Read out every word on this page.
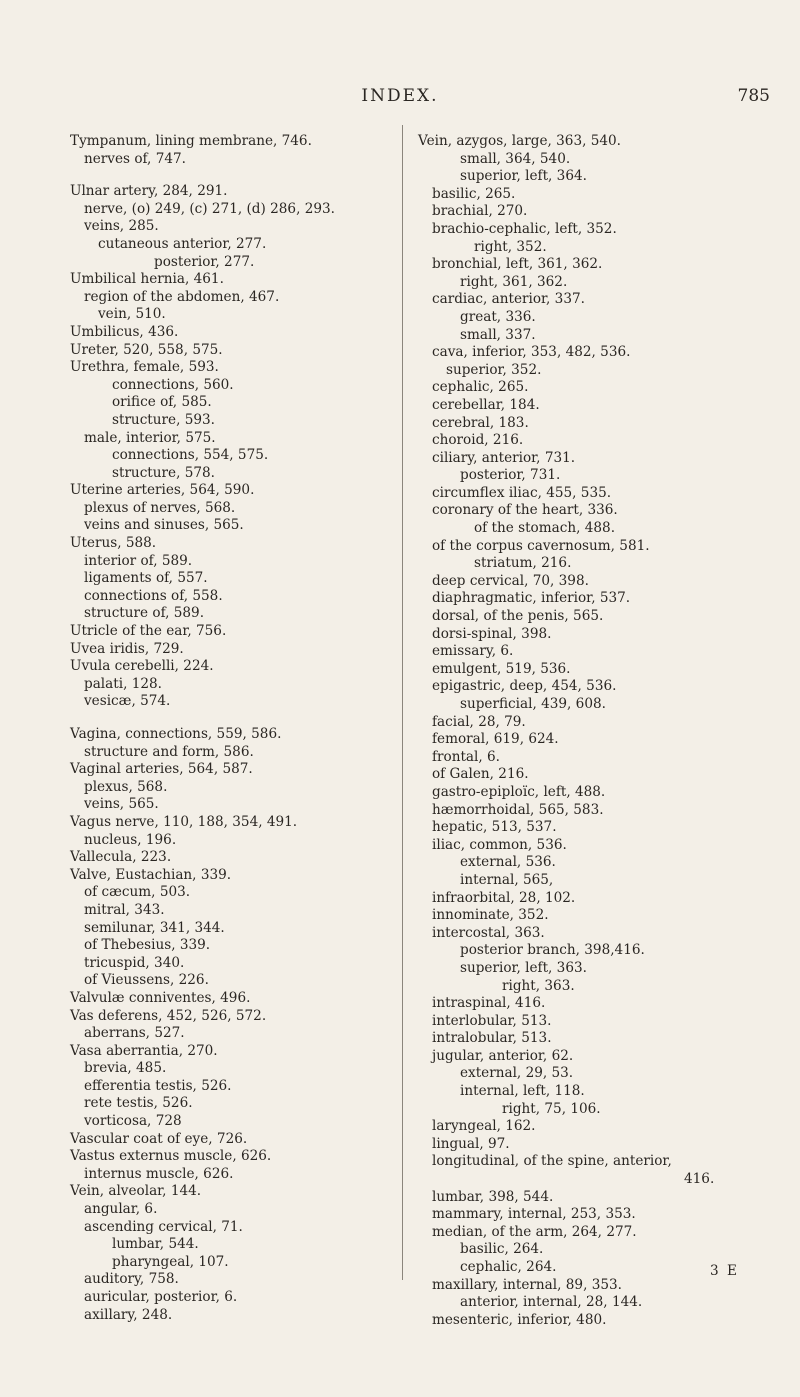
INDEX.	785
Tympanum, lining membrane, 746.
nerves of, 747.
Ulnar artery, 284, 291.
nerve, (o) 249, (c) 271, (d) 286, 293.
veins, 285.
cutaneous anterior, 277.
posterior, 277.
Umbilical hernia, 461.
region of the abdomen, 467.
vein, 510.
Umbilicus, 436.
Ureter, 520, 558, 575.
Urethra, female, 593.
connections, 560.
orifice of, 585.
structure, 593.
male, interior, 575.
connections, 554, 575.
structure, 578.
Uterine arteries, 564, 590.
plexus of nerves, 568.
veins and sinuses, 565.
Uterus, 588.
interior of, 589.
ligaments of, 557.
connections of, 558.
structure of, 589.
Utricle of the ear, 756.
Uvea iridis, 729.
Uvula cerebelli, 224.
palati, 128.
vesicæ, 574.
Vagina, connections, 559, 586.
structure and form, 586.
Vaginal arteries, 564, 587.
plexus, 568.
veins, 565.
Vagus nerve, 110, 188, 354, 491.
nucleus, 196.
Vallecula, 223.
Valve, Eustachian, 339.
of cæcum, 503.
mitral, 343.
semilunar, 341, 344.
of Thebesius, 339.
tricuspid, 340.
of Vieussens, 226.
Valvulæ conniventes, 496.
Vas deferens, 452, 526, 572.
aberrans, 527.
Vasa aberrantia, 270.
brevia, 485.
efferentia testis, 526.
rete testis, 526.
vorticosa, 728
Vascular coat of eye, 726.
Vastus externus muscle, 626.
internus muscle, 626.
Vein, alveolar, 144.
angular, 6.
ascending cervical, 71.
lumbar, 544.
pharyngeal, 107.
auditory, 758.
auricular, posterior, 6.
axillary, 248.
Vein, azygos, large, 363, 540.
small, 364, 540.
superior, left, 364.
basilic, 265.
brachial, 270.
brachio-cephalic, left, 352.
right, 352.
bronchial, left, 361, 362.
right, 361, 362.
cardiac, anterior, 337.
great, 336.
small, 337.
cava, inferior, 353, 482, 536.
superior, 352.
cephalic, 265.
cerebellar, 184.
cerebral, 183.
choroid, 216.
ciliary, anterior, 731.
posterior, 731.
circumflex iliac, 455, 535.
coronary of the heart, 336.
of the stomach, 488.
of the corpus cavernosum, 581.
striatum, 216.
deep cervical, 70, 398.
diaphragmatic, inferior, 537.
dorsal, of the penis, 565.
dorsi-spinal, 398.
emissary, 6.
emulgent, 519, 536.
epigastric, deep, 454, 536.
superficial, 439, 608.
facial, 28, 79.
femoral, 619, 624.
frontal, 6.
of Galen, 216.
gastro-epiploïc, left, 488.
hæmorrhoidal, 565, 583.
hepatic, 513, 537.
iliac, common, 536.
external, 536.
internal, 565,
infraorbital, 28, 102.
innominate, 352.
intercostal, 363.
posterior branch, 398,416.
superior, left, 363.
right, 363.
intraspinal, 416.
interlobular, 513.
intralobular, 513.
jugular, anterior, 62.
external, 29, 53.
internal, left, 118.
right, 75, 106.
laryngeal, 162.
lingual, 97.
longitudinal, of the spine, anterior,
416.
lumbar, 398, 544.
mammary, internal, 253, 353.
median, of the arm, 264, 277.
basilic, 264.
cephalic, 264.
maxillary, internal, 89, 353.
anterior, internal, 28, 144.
mesenteric, inferior, 480.
3 E
